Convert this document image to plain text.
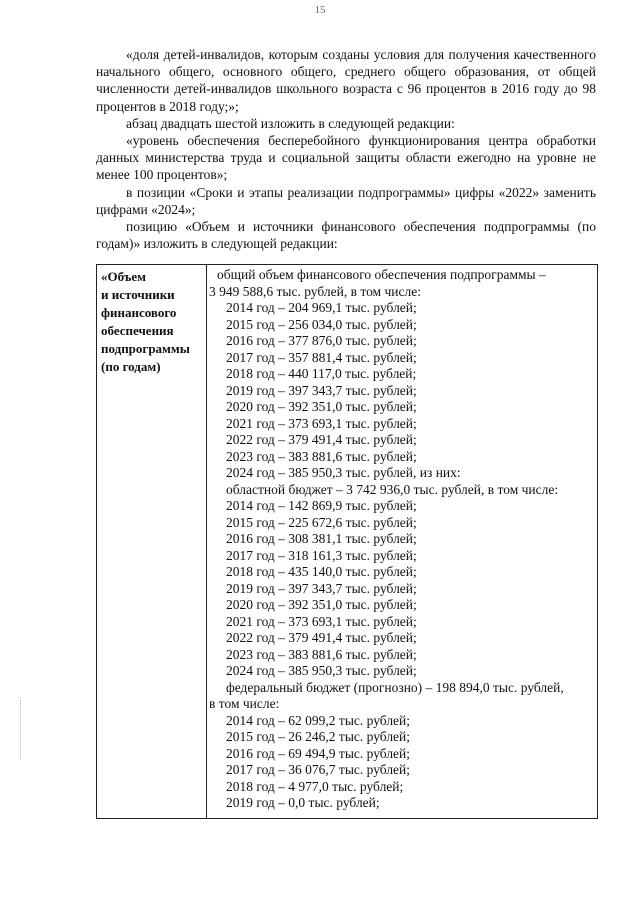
15

«доля детей-инвалидов, которым созданы условия для получения качественного начального общего, основного общего, среднего общего образования, от общей численности детей-инвалидов школьного возраста с 96 процентов в 2016 году до 98 процентов в 2018 году;»;

абзац двадцать шестой изложить в следующей редакции:

«уровень обеспечения бесперебойного функционирования центра обработки данных министерства труда и социальной защиты области ежегодно на уровне не менее 100 процентов»;

в позиции «Сроки и этапы реализации подпрограммы» цифры «2022» заменить цифрами «2024»;

позицию «Объем и источники финансового обеспечения подпрограммы (по годам)» изложить в следующей редакции:

«Объем
и источники
финансового
обеспечения
подпрограммы
(по годам)
общий объем финансового обеспечения подпрограммы –
3 949 588,6 тыс. рублей, в том числе:
2014 год – 204 969,1 тыс. рублей;
2015 год – 256 034,0 тыс. рублей;
2016 год – 377 876,0 тыс. рублей;
2017 год – 357 881,4 тыс. рублей;
2018 год – 440 117,0 тыс. рублей;
2019 год – 397 343,7 тыс. рублей;
2020 год – 392 351,0 тыс. рублей;
2021 год – 373 693,1 тыс. рублей;
2022 год – 379 491,4 тыс. рублей;
2023 год – 383 881,6 тыс. рублей;
2024 год – 385 950,3 тыс. рублей, из них:
областной бюджет – 3 742 936,0 тыс. рублей, в том числе:
2014 год – 142 869,9 тыс. рублей;
2015 год – 225 672,6 тыс. рублей;
2016 год – 308 381,1 тыс. рублей;
2017 год – 318 161,3 тыс. рублей;
2018 год – 435 140,0 тыс. рублей;
2019 год – 397 343,7 тыс. рублей;
2020 год – 392 351,0 тыс. рублей;
2021 год – 373 693,1 тыс. рублей;
2022 год – 379 491,4 тыс. рублей;
2023 год – 383 881,6 тыс. рублей;
2024 год – 385 950,3 тыс. рублей;
федеральный бюджет (прогнозно) – 198 894,0 тыс. рублей,
в том числе:
2014 год – 62 099,2 тыс. рублей;
2015 год – 26 246,2 тыс. рублей;
2016 год – 69 494,9 тыс. рублей;
2017 год – 36 076,7 тыс. рублей;
2018 год – 4 977,0 тыс. рублей;
2019 год – 0,0 тыс. рублей;
